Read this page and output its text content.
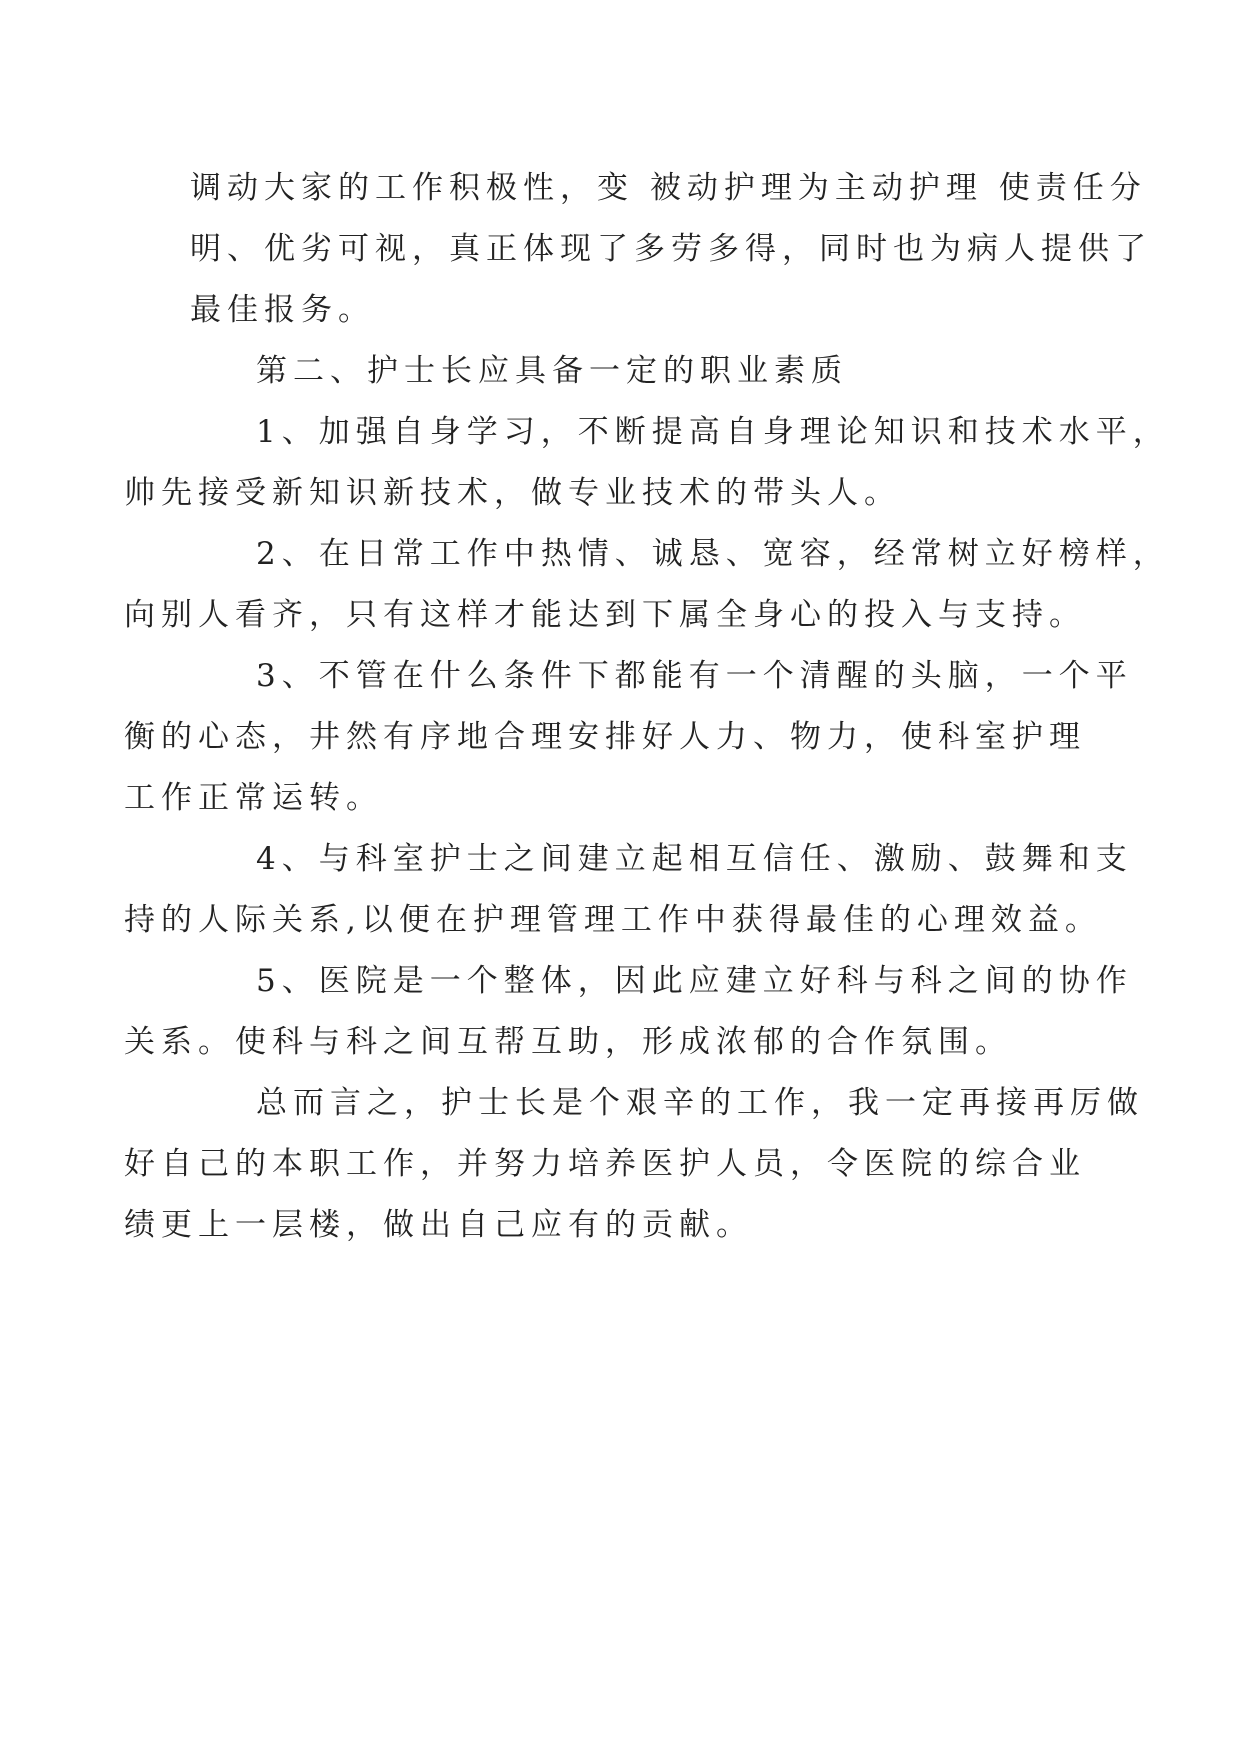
调动大家的工作积极性，变 被动护理为主动护理 使责任分
明、优劣可视，真正体现了多劳多得，同时也为病人提供了
最佳报务。

第二、护士长应具备一定的职业素质

1、加强自身学习，不断提高自身理论知识和技术水平，
帅先接受新知识新技术，做专业技术的带头人。

2、在日常工作中热情、诚恳、宽容，经常树立好榜样，
向别人看齐，只有这样才能达到下属全身心的投入与支持。

3、不管在什么条件下都能有一个清醒的头脑，一个平
衡的心态，井然有序地合理安排好人力、物力，使科室护理
工作正常运转。

4、与科室护士之间建立起相互信任、激励、鼓舞和支
持的人际关系,以便在护理管理工作中获得最佳的心理效益。

5、医院是一个整体，因此应建立好科与科之间的协作
关系。使科与科之间互帮互助，形成浓郁的合作氛围。

总而言之，护士长是个艰辛的工作，我一定再接再厉做
好自己的本职工作，并努力培养医护人员，令医院的综合业
绩更上一层楼，做出自己应有的贡献。
